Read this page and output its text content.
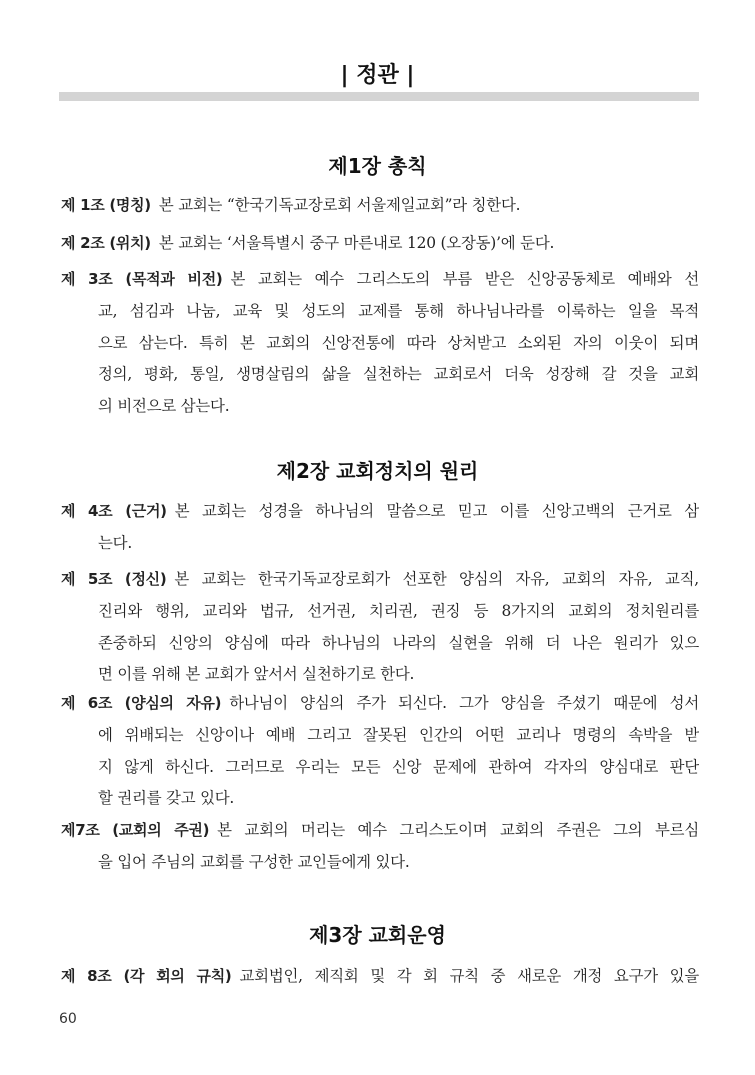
| 정관 |
제1장 총칙
제 1조 (명칭) 본 교회는 “한국기독교장로회 서울제일교회”라 칭한다.
제 2조 (위치) 본 교회는 ‘서울특별시 중구 마른내로 120 (오장동)’에 둔다.
제 3조 (목적과 비전) 본 교회는 예수 그리스도의 부름 받은 신앙공동체로 예배와 선
교, 섬김과 나눔, 교육 및 성도의 교제를 통해 하나님나라를 이룩하는 일을 목적
으로 삼는다. 특히 본 교회의 신앙전통에 따라 상처받고 소외된 자의 이웃이 되며
정의, 평화, 통일, 생명살림의 삶을 실천하는 교회로서 더욱 성장해 갈 것을 교회
의 비전으로 삼는다.
제2장 교회정치의 원리
제 4조 (근거) 본 교회는 성경을 하나님의 말씀으로 믿고 이를 신앙고백의 근거로 삼
는다.
제 5조 (정신) 본 교회는 한국기독교장로회가 선포한 양심의 자유, 교회의 자유, 교직,
진리와 행위, 교리와 법규, 선거권, 치리권, 권징 등 8가지의 교회의 정치원리를
존중하되 신앙의 양심에 따라 하나님의 나라의 실현을 위해 더 나은 원리가 있으
면 이를 위해 본 교회가 앞서서 실천하기로 한다.
제 6조 (양심의 자유) 하나님이 양심의 주가 되신다. 그가 양심을 주셨기 때문에 성서
에 위배되는 신앙이나 예배 그리고 잘못된 인간의 어떤 교리나 명령의 속박을 받
지 않게 하신다. 그러므로 우리는 모든 신앙 문제에 관하여 각자의 양심대로 판단
할 권리를 갖고 있다.
제7조 (교회의 주권) 본 교회의 머리는 예수 그리스도이며 교회의 주권은 그의 부르심
을 입어 주님의 교회를 구성한 교인들에게 있다.
제3장 교회운영
제 8조 (각 회의 규칙) 교회법인, 제직회 및 각 회 규칙 중 새로운 개정 요구가 있을
60
